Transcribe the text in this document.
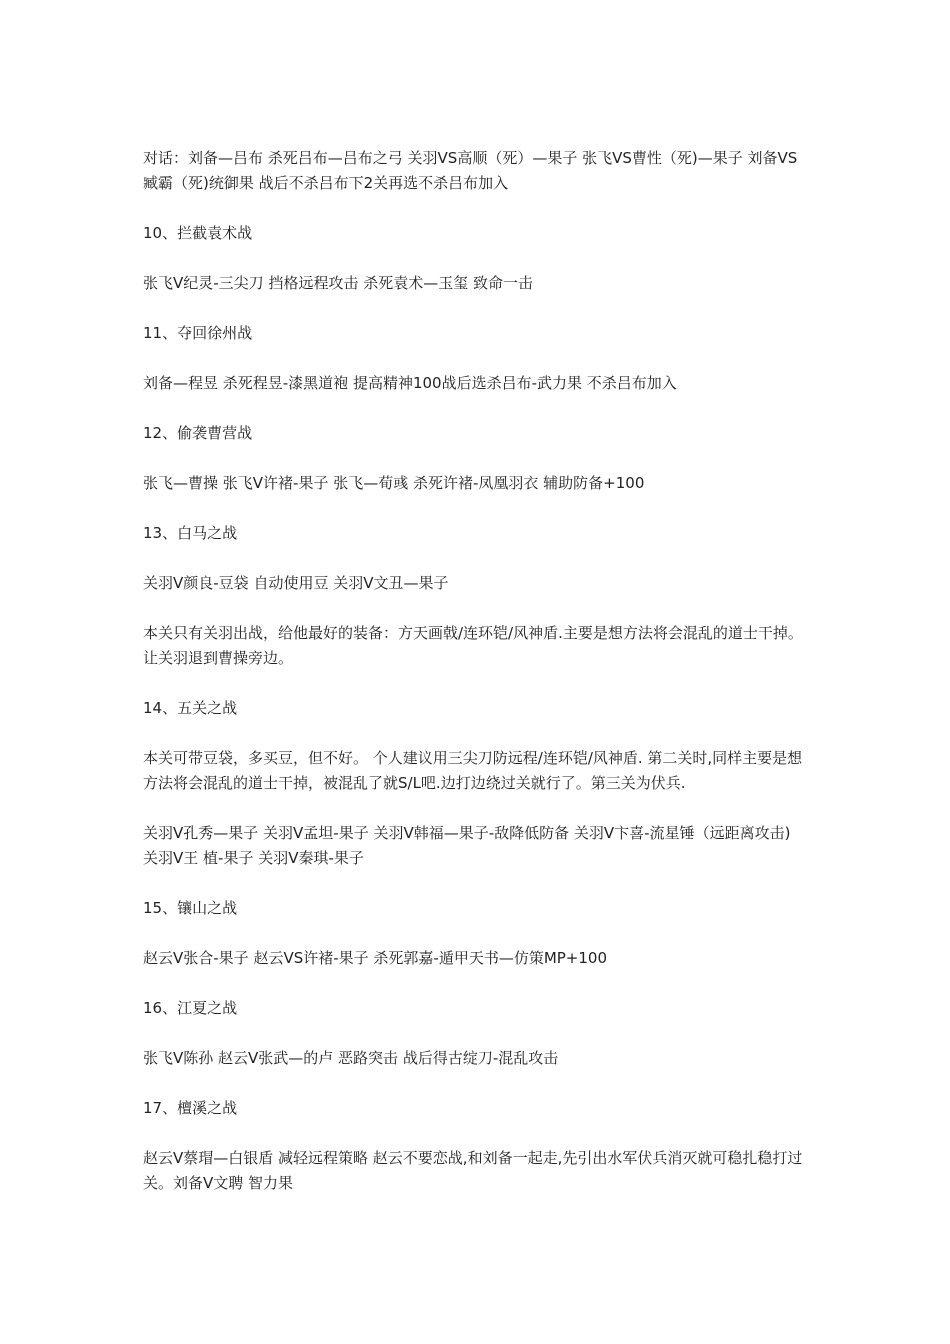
对话：刘备—吕布 杀死吕布—吕布之弓 关羽VS高顺（死）—果子 张飞VS曹性（死)—果子 刘备VS臧霸（死)统御果 战后不杀吕布下2关再选不杀吕布加入

10、拦截袁术战

张飞V纪灵-三尖刀 挡格远程攻击 杀死袁术—玉玺 致命一击

11、夺回徐州战

刘备—程昱 杀死程昱-漆黑道袍 提高精神100战后选杀吕布-武力果 不杀吕布加入

12、偷袭曹营战

张飞—曹操 张飞V许褚-果子 张飞—荀彧 杀死许褚-凤凰羽衣 辅助防备+100

13、白马之战

关羽V颜良-豆袋 自动使用豆 关羽V文丑—果子

本关只有关羽出战，给他最好的装备：方天画戟/连环铠/风神盾.主要是想方法将会混乱的道士干掉。让关羽退到曹操旁边。

14、五关之战

本关可带豆袋，多买豆，但不好。 个人建议用三尖刀防远程/连环铠/风神盾. 第二关时,同样主要是想方法将会混乱的道士干掉，被混乱了就S/L吧.边打边绕过关就行了。第三关为伏兵.

关羽V孔秀—果子 关羽V孟坦-果子 关羽V韩福—果子-敌降低防备 关羽V卞喜-流星锤（远距离攻击) 关羽V王 植-果子 关羽V秦琪-果子

15、镶山之战

赵云V张合-果子 赵云VS许褚-果子 杀死郭嘉-遁甲天书—仿策MP+100

16、江夏之战

张飞V陈孙 赵云V张武—的卢 恶路突击 战后得古绽刀-混乱攻击

17、檀溪之战

赵云V蔡瑁—白银盾 减轻远程策略 赵云不要恋战,和刘备一起走,先引出水军伏兵消灭就可稳扎稳打过关。刘备V文聘 智力果
